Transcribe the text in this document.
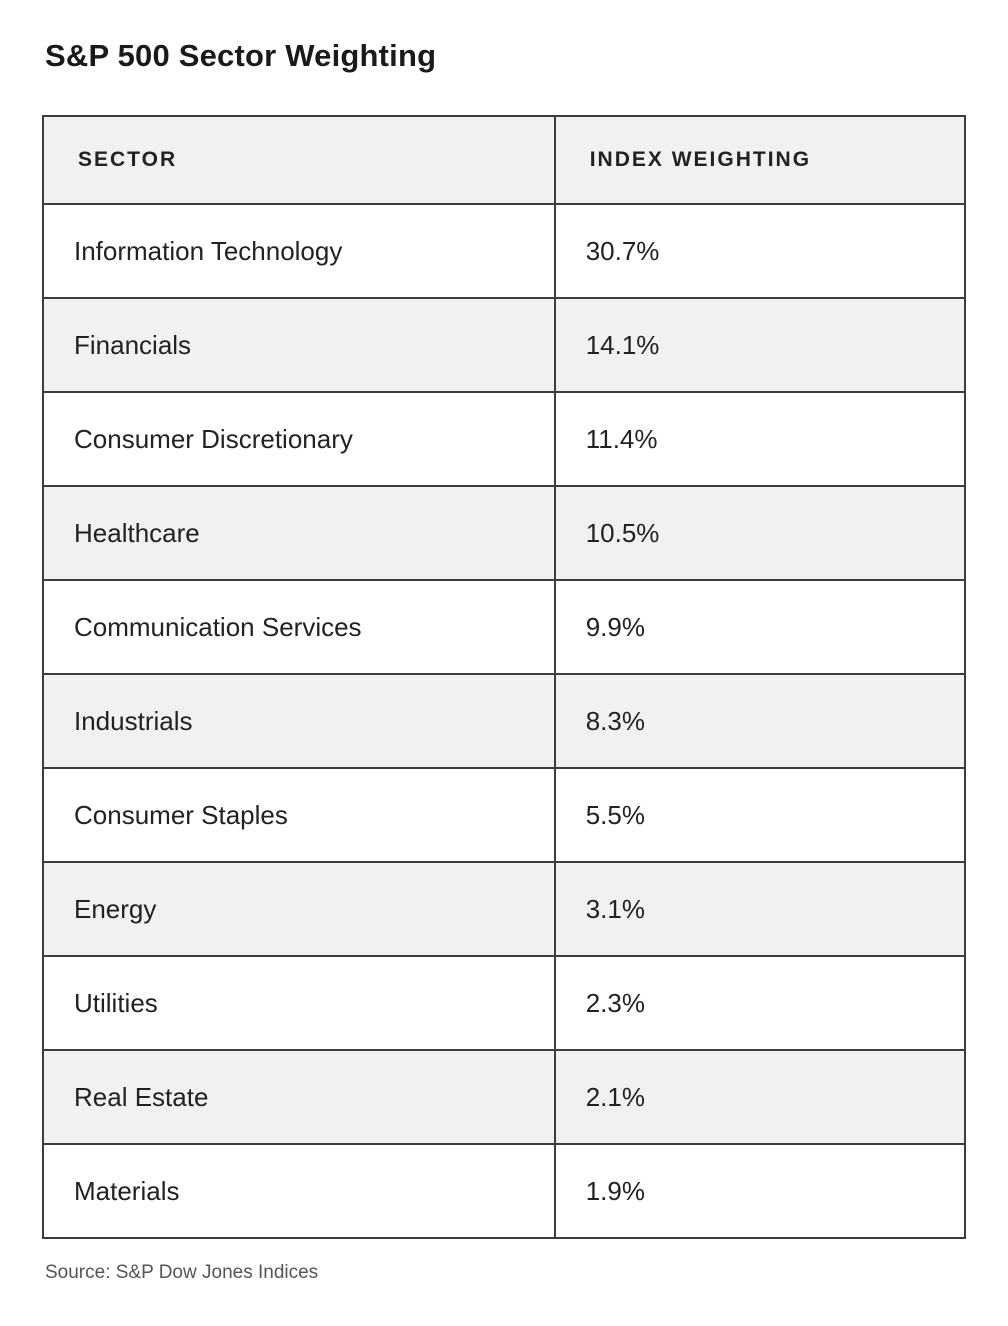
S&P 500 Sector Weighting
SECTOR	INDEX WEIGHTING
Information Technology	30.7%
Financials	14.1%
Consumer Discretionary	11.4%
Healthcare	10.5%
Communication Services	9.9%
Industrials	8.3%
Consumer Staples	5.5%
Energy	3.1%
Utilities	2.3%
Real Estate	2.1%
Materials	1.9%
Source: S&P Dow Jones Indices
